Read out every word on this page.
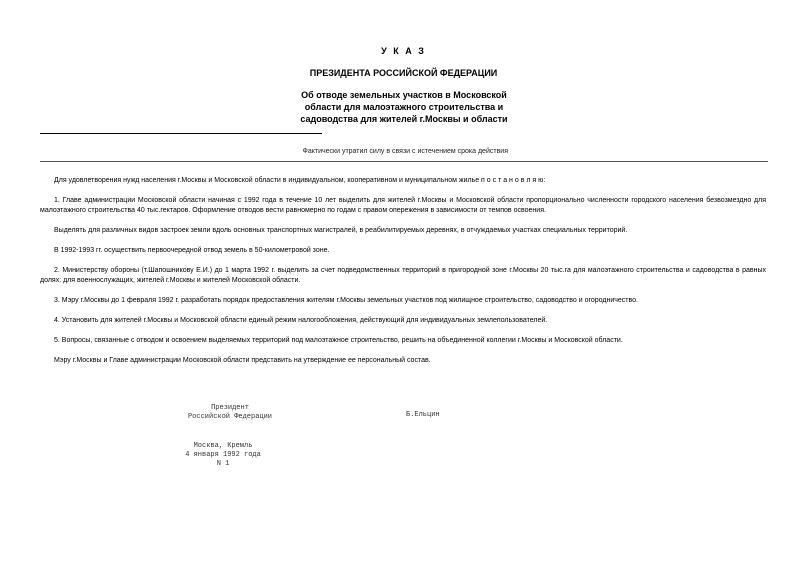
У К А З
ПРЕЗИДЕНТА РОССИЙСКОЙ ФЕДЕРАЦИИ
Об отводе земельных участков в Московской
области для малоэтажного строительства и
садоводства для жителей г.Москвы и области
Фактически утратил силу в связи с истечением срока действия

Для удовлетворения нужд населения г.Москвы и Московской области в индивидуальном, кооперативном и муниципальном жилье п о с т а н о в л я ю:

1. Главе администрации Московской области начиная с 1992 года в течение 10 лет выделить для жителей г.Москвы и Московской области пропорционально численности городского населения безвозмездно для малоэтажного строительства 40 тыс.гектаров. Оформление отводов вести равномерно по годам с правом опережения в зависимости от темпов освоения.

Выделять для различных видов застроек земли вдоль основных транспортных магистралей, в реабилитируемых деревнях, в отчуждаемых участках специальных территорий.

В 1992-1993 гг. осуществить первоочередной отвод земель в 50-километровой зоне.

2. Министерству обороны (т.Шапошникову Е.И.) до 1 марта 1992 г. выделить за счет подведомственных территорий в пригородной зоне г.Москвы 20 тыс.га для малоэтажного строительства и садоводства в равных долях: для военнослужащих, жителей г.Москвы и жителей Московской области.

3. Мэру г.Москвы до 1 февраля 1992 г. разработать порядок предоставления жителям г.Москвы земельных участков под жилищное строительство, садоводство и огородничество.

4. Установить для жителей г.Москвы и Московской области единый режим налогообложения, действующий для индивидуальных землепользователей.

5. Вопросы, связанные с отводом и освоением выделяемых территорий под малоэтажное строительство, решить на объединенной коллегии г.Москвы и Московской области.

Мэру г.Москвы и Главе администрации Московской области представить на утверждение ее персональный состав.

Президент
Российской Федерации	Б.Ельцин
Москва, Кремль
4 января 1992 года
N 1
